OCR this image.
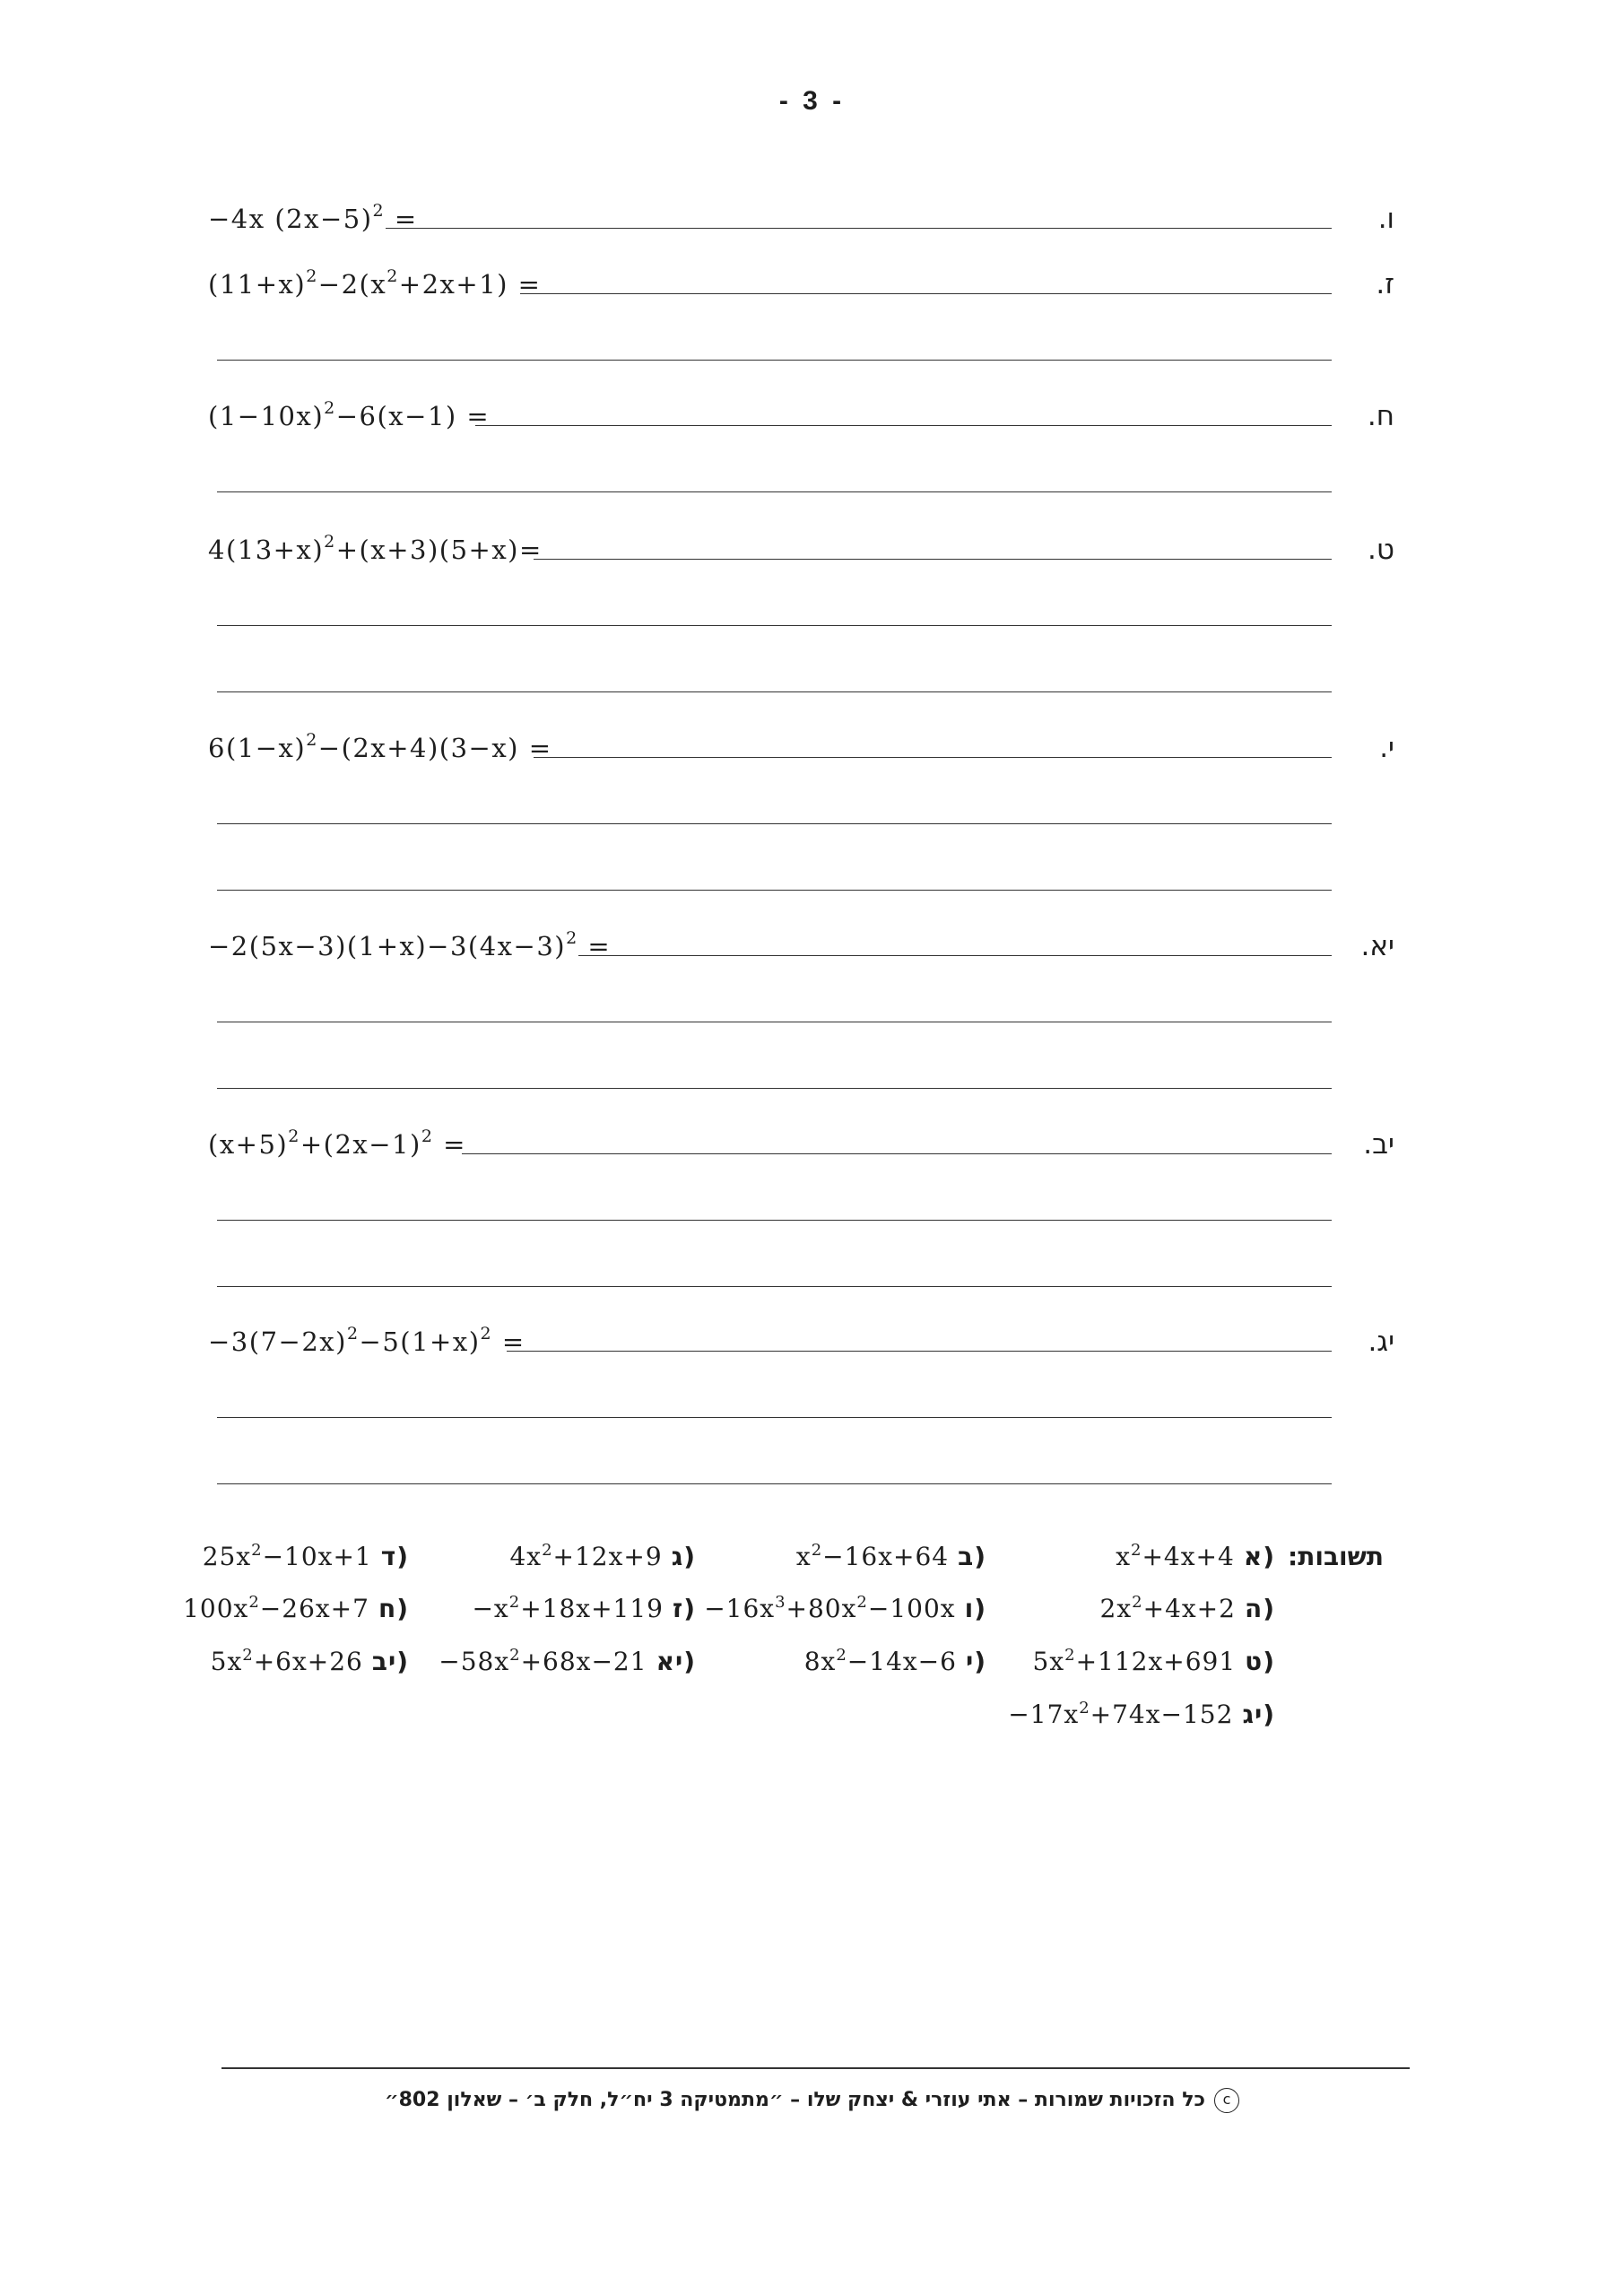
- 3 -
−4x $(2x-5)^2$ =	ו.
$(11+x)^2-2(x^2+2x+1)$ =	ז.
$(1-10x)^2-6(x-1)$ =	ח.
$4(13+x)^2+(x+3)(5+x)=$	ט.
$6(1-x)^2-(2x+4)(3-x)$ =	י.
$-2(5x-3)(1+x)-3(4x-3)^2$ =	יא.
$(x+5)^2+(2x-1)^2$ =	יב.
$-3(7-2x)^2-5(1+x)^2$ =	יג.
תשובות:
$x^2+4x+4$ א)
$x^2-16x+64$ ב)
$4x^2+12x+9$ ג)
$25x^2-10x+1$ ד)
$2x^2+4x+2$ ה)
$-16x^3+80x^2-100x$ ו)
$-x^2+18x+119$ ז)
$100x^2-26x+7$ ח)
$5x^2+112x+691$ ט)
$8x^2-14x-6$ י)
$-58x^2+68x-21$ יא)
$5x^2+6x+26$ יב)
$-17x^2+74x-152$ יג)
cכל הזכויות שמורות – אתי עוזרי & יצחק שלו – ״מתמטיקה 3 יח״ל, חלק ב׳ – שאלון 802״
